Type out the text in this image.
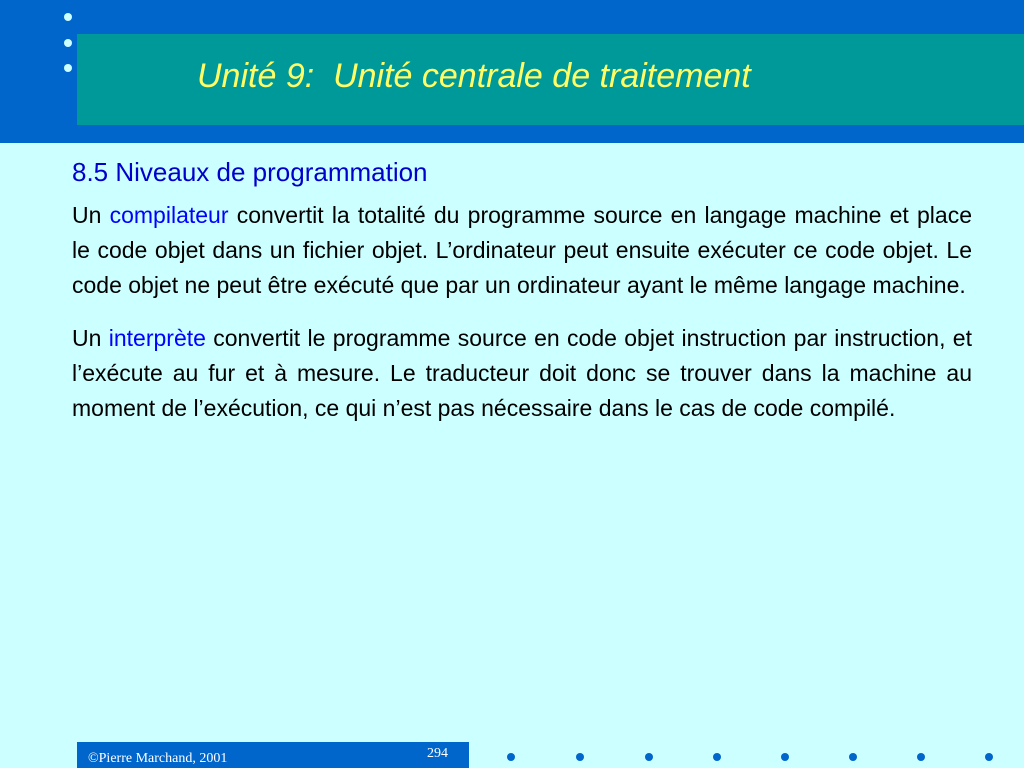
Unité 9:  Unité centrale de traitement
8.5 Niveaux de programmation

Un compilateur convertit la totalité du programme source en langage machine et place le code objet dans un fichier objet. L’ordinateur peut ensuite exécuter ce code objet. Le code objet ne peut être exécuté que par un ordinateur ayant le même langage machine.

Un interprète convertit le programme source en code objet instruction par instruction, et l’exécute au fur et à mesure. Le traducteur doit donc se trouver dans la machine au moment de l’exécution, ce qui n’est pas nécessaire dans le cas de code compilé.

©Pierre Marchand, 2001	294
